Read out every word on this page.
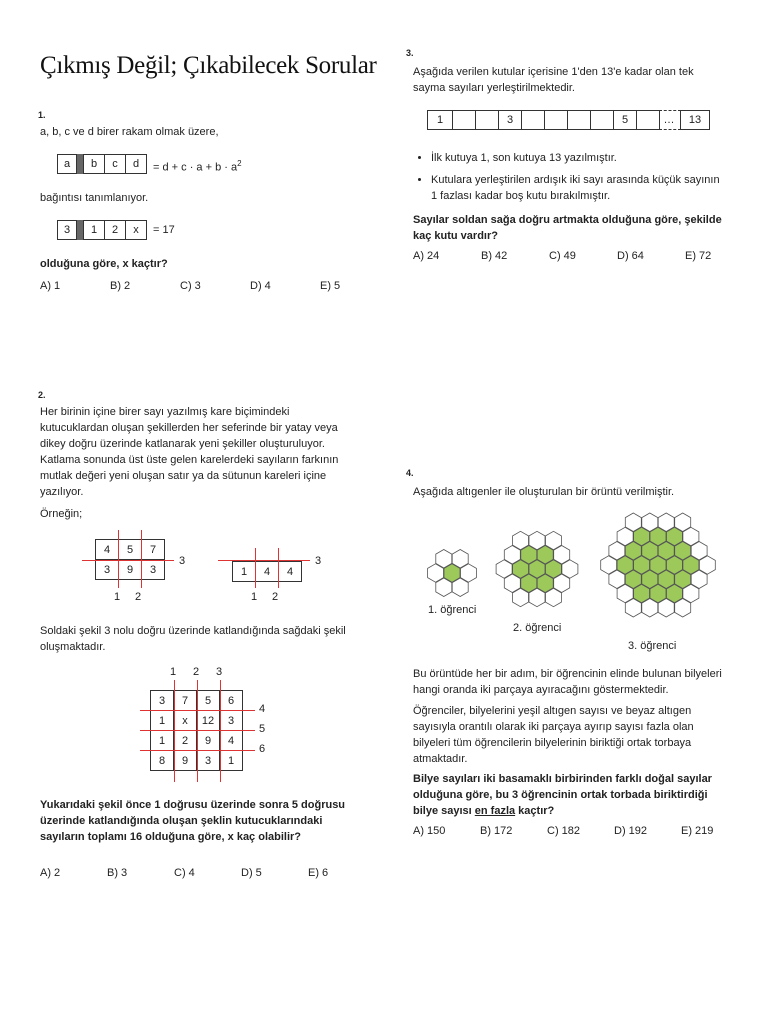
Çıkmış Değil; Çıkabilecek Sorular
1.
a, b, c ve d birer rakam olmak üzere,
a	b	c	d	= $d + c \cdot a + b \cdot a^2$
bağıntısı tanımlanıyor.
3	1	2	x	= 17
olduğuna göre, x kaçtır?
A) 1	B) 2	C) 3	D) 4	E) 5
2.
Her birinin içine birer sayı yazılmış kare biçimindeki kutucuklardan oluşan şekillerden her seferinde bir yatay veya dikey doğru üzerinde katlanarak yeni şekiller oluşturuluyor. Katlama sonunda üst üste gelen karelerdeki sayıların farkının mutlak değeri yeni oluşan satır ya da sütunun kareleri içine yazılıyor.
Örneğin;
4	5	7
3	9	3
3
1 2
1	4	4
3
1 2
Soldaki şekil 3 nolu doğru üzerinde katlandığında sağdaki şekil oluşmaktadır.
3	7	5	6
1	x	12	3
1	2	9	4
8	9	3	1
1 2 3
4
5
6
Yukarıdaki şekil önce 1 doğrusu üzerinde sonra 5 doğrusu üzerinde katlandığında oluşan şeklin kutucuklarındaki sayıların toplamı 16 olduğuna göre, x kaç olabilir?
A) 2	B) 3	C) 4	D) 5	E) 6
3.
Aşağıda verilen kutular içerisine 1'den 13'e kadar olan tek sayma sayıları yerleştirilmektedir.
1	3	5	…	13
• İlk kutuya 1, son kutuya 13 yazılmıştır.
• Kutulara yerleştirilen ardışık iki sayı arasında küçük sayının 1 fazlası kadar boş kutu bırakılmıştır.
Sayılar soldan sağa doğru artmakta olduğuna göre, şekilde kaç kutu vardır?
A) 24	B) 42	C) 49	D) 64	E) 72
4.
Aşağıda altıgenler ile oluşturulan bir örüntü verilmiştir.
1. öğrenci
2. öğrenci
3. öğrenci
Bu örüntüde her bir adım, bir öğrencinin elinde bulunan bilyeleri hangi oranda iki parçaya ayıracağını göstermektedir.
Öğrenciler, bilyelerini yeşil altıgen sayısı ve beyaz altıgen sayısıyla orantılı olarak iki parçaya ayırıp sayısı fazla olan bilyeleri tüm öğrencilerin bilyelerinin biriktiği ortak torbaya atmaktadır.
Bilye sayıları iki basamaklı birbirinden farklı doğal sayılar olduğuna göre, bu 3 öğrencinin ortak torbada biriktirdiği bilye sayısı en fazla kaçtır?
A) 150	B) 172	C) 182	D) 192	E) 219
